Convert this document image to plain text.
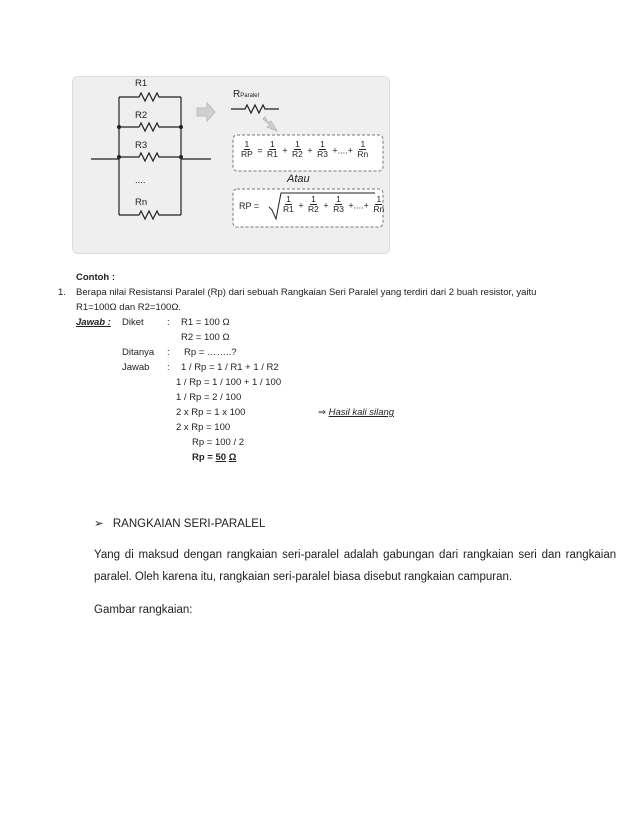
R1
R2
R3
....
Rn
RParalel
$\frac{1}{RP} = \frac{1}{R1} + \frac{1}{R2} + \frac{1}{R3}$ +....+ $\frac{1}{Rn}$
Atau
RP =	$\frac{1}{R1} + \frac{1}{R2} + \frac{1}{R3}$ +....+ $\frac{1}{Rn}$
Contoh :
1. Berapa nilai Resistansi Paralel (Rp) dari sebuah Rangkaian Seri Paralel yang terdiri dari 2 buah resistor, yaitu
R1=100Ω dan R2=100Ω.
Jawab : Diket : R1 = 100 Ω
R2 = 100 Ω
Ditanya : Rp = ……..?
Jawab : 1 / Rp = 1 / R1 + 1 / R2
1 / Rp = 1 / 100 + 1 / 100
1 / Rp = 2 / 100
2 x Rp = 1 x 100	⇒ Hasil kali silang
2 x Rp = 100
Rp = 100 / 2
Rp = 50 Ω
➢ RANGKAIAN SERI-PARALEL
Yang di maksud dengan rangkaian seri-paralel adalah gabungan dari rangkaian seri dan rangkaian
paralel. Oleh karena itu, rangkaian seri-paralel biasa disebut rangkaian campuran.
Gambar rangkaian:
